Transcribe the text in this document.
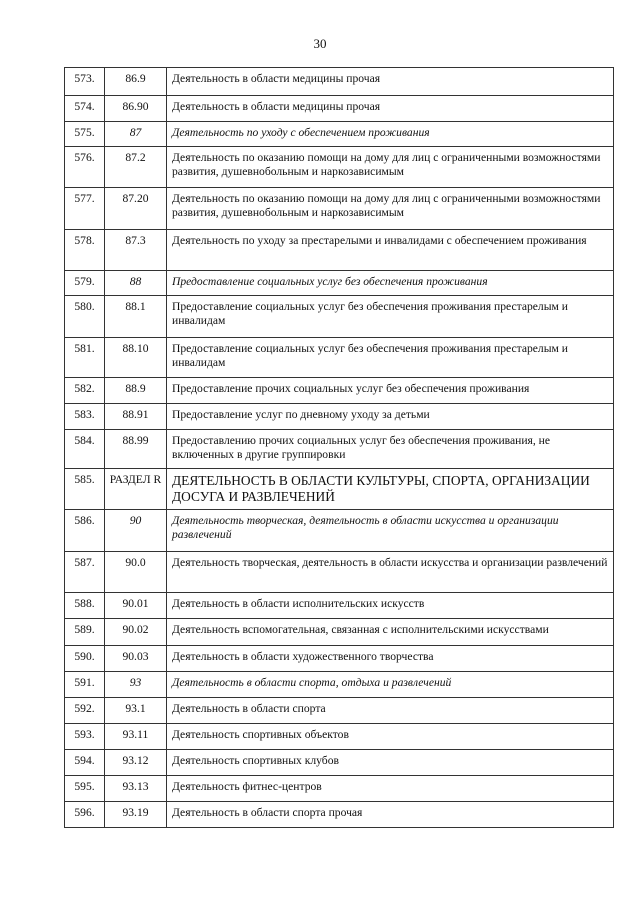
30
573.	86.9	Деятельность в области медицины прочая
574.	86.90	Деятельность в области медицины прочая
575.	87	Деятельность по уходу с обеспечением проживания
576.	87.2	Деятельность по оказанию помощи на дому для лиц с ограниченными возможностями развития, душевнобольным и наркозависимым
577.	87.20	Деятельность по оказанию помощи на дому для лиц с ограниченными возможностями развития, душевнобольным и наркозависимым
578.	87.3	Деятельность по уходу за престарелыми и инвалидами с обеспечением проживания
579.	88	Предоставление социальных услуг без обеспечения проживания
580.	88.1	Предоставление социальных услуг без обеспечения проживания престарелым и инвалидам
581.	88.10	Предоставление социальных услуг без обеспечения проживания престарелым и инвалидам
582.	88.9	Предоставление прочих социальных услуг без обеспечения проживания
583.	88.91	Предоставление услуг по дневному уходу за детьми
584.	88.99	Предоставлению прочих социальных услуг без обеспечения проживания, не включенных в другие группировки
585.	РАЗДЕЛ R	ДЕЯТЕЛЬНОСТЬ В ОБЛАСТИ КУЛЬТУРЫ, СПОРТА, ОРГАНИЗАЦИИ ДОСУГА И РАЗВЛЕЧЕНИЙ
586.	90	Деятельность творческая, деятельность в области искусства и организации развлечений
587.	90.0	Деятельность творческая, деятельность в области искусства и организации развлечений
588.	90.01	Деятельность в области исполнительских искусств
589.	90.02	Деятельность вспомогательная, связанная с исполнительскими искусствами
590.	90.03	Деятельность в области художественного творчества
591.	93	Деятельность в области спорта, отдыха и развлечений
592.	93.1	Деятельность в области спорта
593.	93.11	Деятельность спортивных объектов
594.	93.12	Деятельность спортивных клубов
595.	93.13	Деятельность фитнес-центров
596.	93.19	Деятельность в области спорта прочая
